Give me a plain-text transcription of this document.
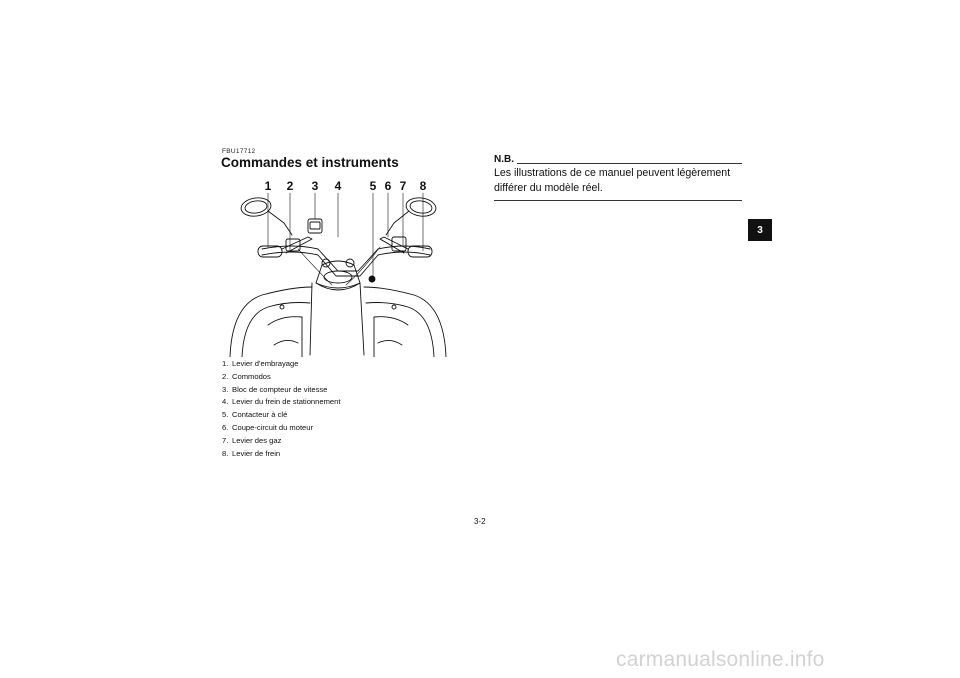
FBU17712
Commandes et instruments
1 2 3 4 5 6 7 8
1. Levier d'embrayage
2. Commodos
3. Bloc de compteur de vitesse
4. Levier du frein de stationnement
5. Contacteur à clé
6. Coupe-circuit du moteur
7. Levier des gaz
8. Levier de frein
N.B.
Les illustrations de ce manuel peuvent légèrement différer du modèle réel.
3
3-2
carmanualsonline.info
